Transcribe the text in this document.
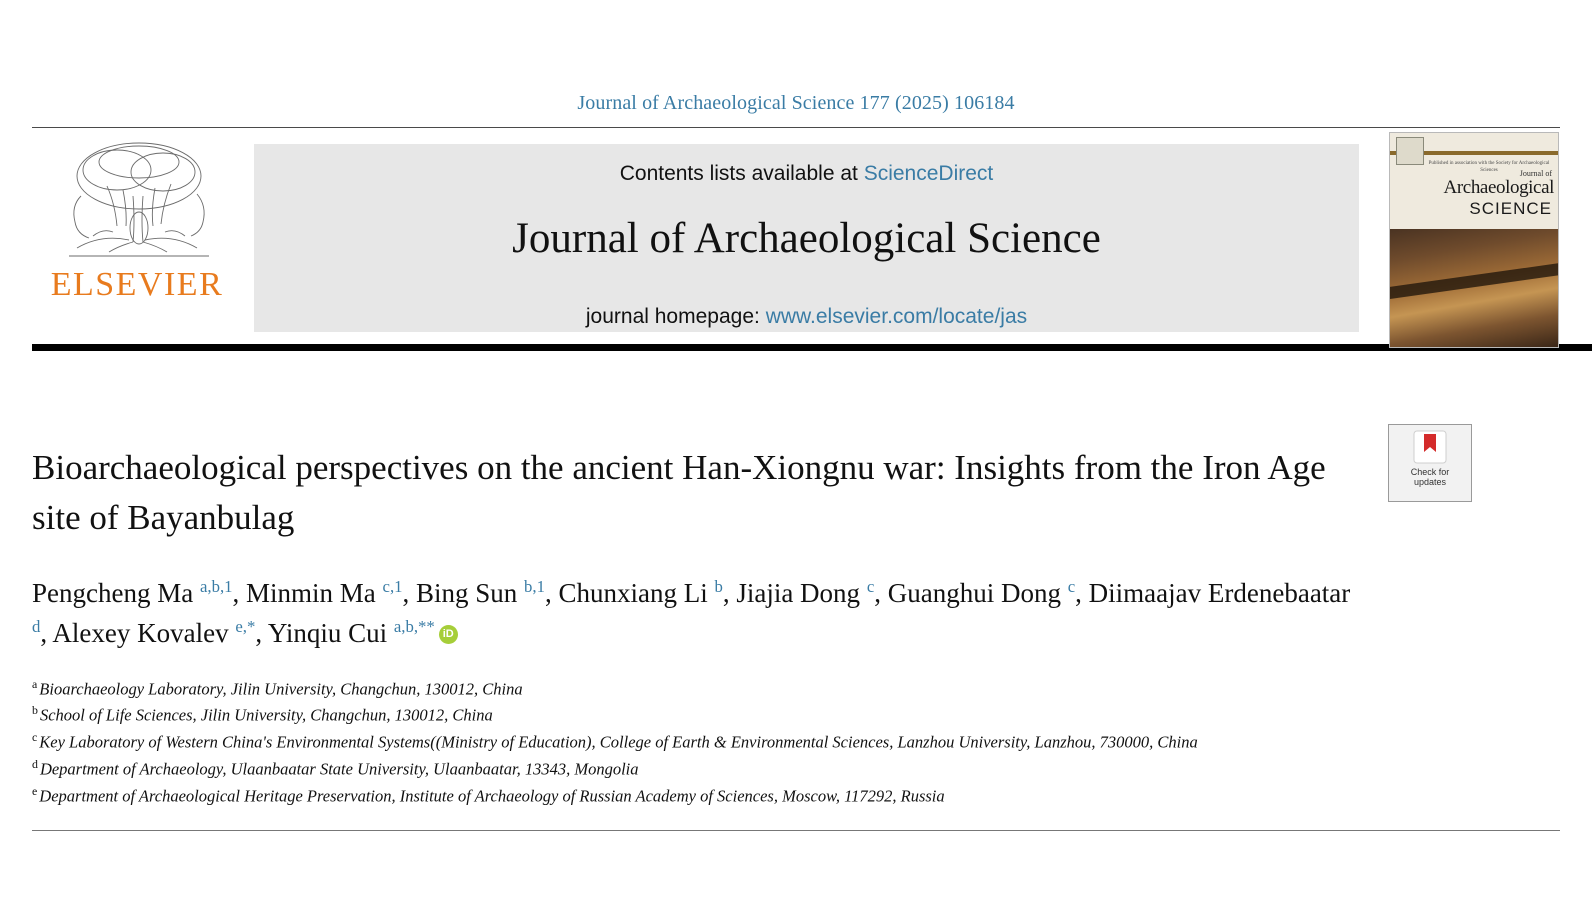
Journal of Archaeological Science 177 (2025) 106184
ELSEVIER
Contents lists available at ScienceDirect
Journal of Archaeological Science
journal homepage: www.elsevier.com/locate/jas
Published in association with the Society for Archaeological Sciences	Journal of
Archaeological
SCIENCE
Check for
updates
Bioarchaeological perspectives on the ancient Han-Xiongnu war: Insights from the Iron Age site of Bayanbulag
Pengcheng Ma $^{a,b,1}$, Minmin Ma $^{c,1}$, Bing Sun $^{b,1}$, Chunxiang Li $^b$, Jiajia Dong $^c$, Guanghui Dong $^c$, Diimaajav Erdenebaatar $^d$, Alexey Kovalev $^{e,*}$, Yinqiu Cui $^{a,b,**}$iD
$^a$ Bioarchaeology Laboratory, Jilin University, Changchun, 130012, China
$^b$ School of Life Sciences, Jilin University, Changchun, 130012, China
$^c$ Key Laboratory of Western China's Environmental Systems((Ministry of Education), College of Earth & Environmental Sciences, Lanzhou University, Lanzhou, 730000, China
$^d$ Department of Archaeology, Ulaanbaatar State University, Ulaanbaatar, 13343, Mongolia
$^e$ Department of Archaeological Heritage Preservation, Institute of Archaeology of Russian Academy of Sciences, Moscow, 117292, Russia
